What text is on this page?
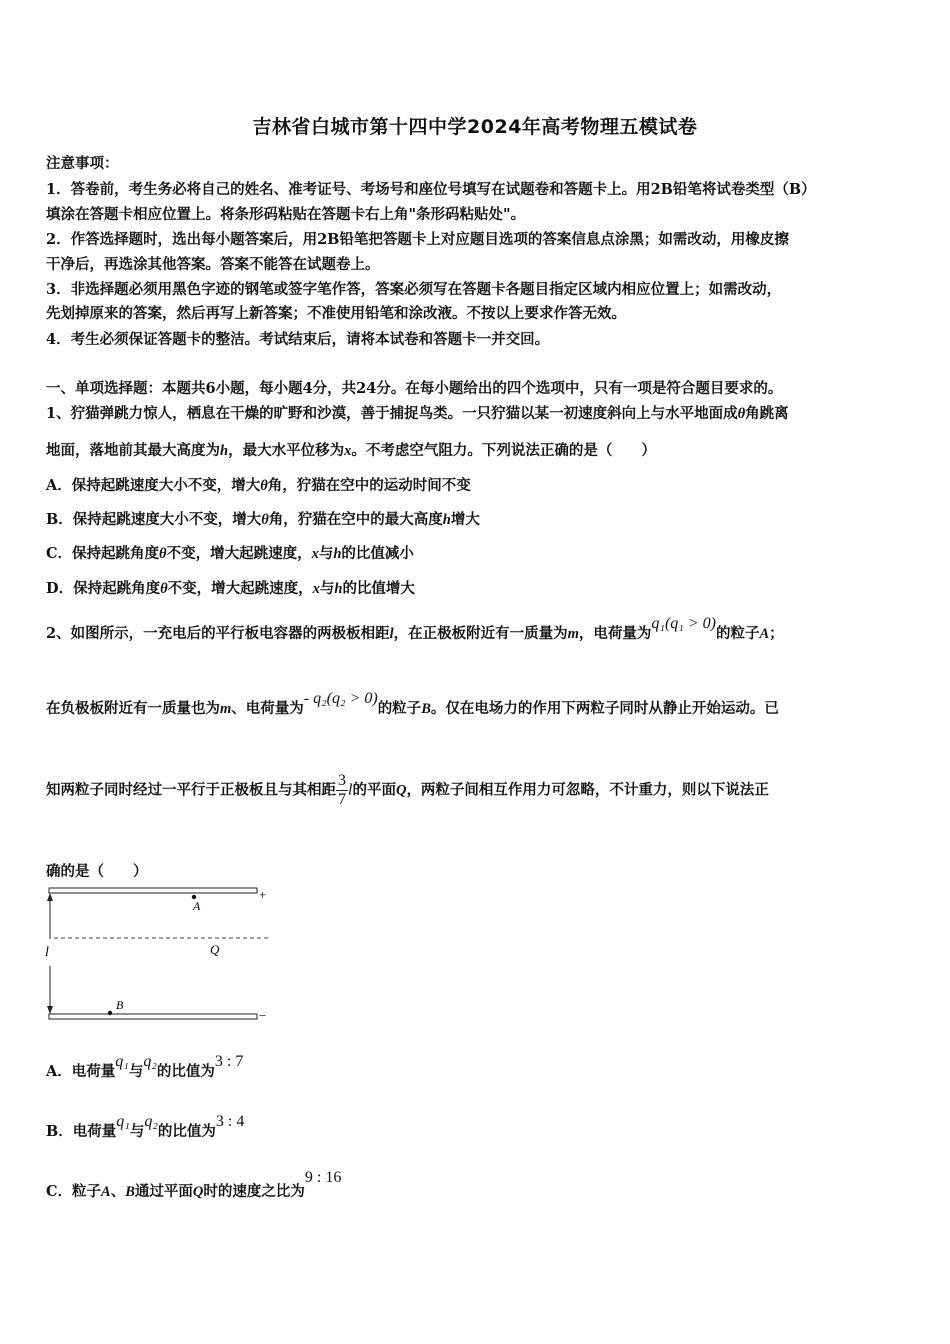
吉林省白城市第十四中学2024年高考物理五模试卷
注意事项：
1．答卷前，考生务必将自己的姓名、准考证号、考场号和座位号填写在试题卷和答题卡上。用2B铅笔将试卷类型（B）
填涂在答题卡相应位置上。将条形码粘贴在答题卡右上角"条形码粘贴处"。
2．作答选择题时，选出每小题答案后，用2B铅笔把答题卡上对应题目选项的答案信息点涂黑；如需改动，用橡皮擦
干净后，再选涂其他答案。答案不能答在试题卷上。
3．非选择题必须用黑色字迹的钢笔或签字笔作答，答案必须写在答题卡各题目指定区域内相应位置上；如需改动，
先划掉原来的答案，然后再写上新答案；不准使用铅笔和涂改液。不按以上要求作答无效。
4．考生必须保证答题卡的整洁。考试结束后，请将本试卷和答题卡一并交回。
一、单项选择题：本题共6小题，每小题4分，共24分。在每小题给出的四个选项中，只有一项是符合题目要求的。
1、狞猫弹跳力惊人，栖息在干燥的旷野和沙漠，善于捕捉鸟类。一只狞猫以某一初速度斜向上与水平地面成θ角跳离
地面，落地前其最大高度为h，最大水平位移为x。不考虑空气阻力。下列说法正确的是（　　）
A．保持起跳速度大小不变，增大θ角，狞猫在空中的运动时间不变
B．保持起跳速度大小不变，增大θ角，狞猫在空中的最大高度h增大
C．保持起跳角度θ不变，增大起跳速度，x与h的比值减小
D．保持起跳角度θ不变，增大起跳速度，x与h的比值增大
2、如图所示，一充电后的平行板电容器的两极板相距l，在正极板附近有一质量为m，电荷量为q₁(q₁ > 0)的粒子A；
在负极板附近有一质量也为m、电荷量为- q₂(q₂ > 0)的粒子B。仅在电场力的作用下两粒子同时从静止开始运动。已
知两粒子同时经过一平行于正极板且与其相距 $\frac{3}{7}$ l的平面Q，两粒子间相互作用力可忽略，不计重力，则以下说法正
确的是（　　）
+
−
Q
l
A
B
A．电荷量q₁与q₂的比值为3 : 7
B．电荷量q₁与q₂的比值为3 : 4
C．粒子A、B通过平面Q时的速度之比为9 : 16
